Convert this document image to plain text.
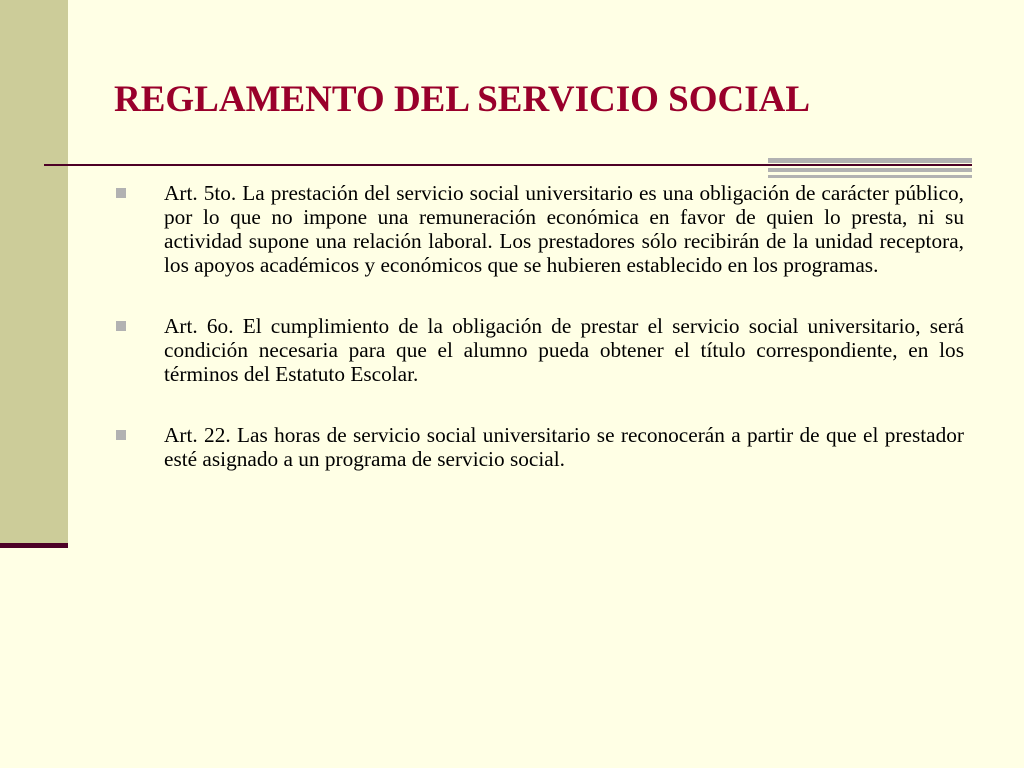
REGLAMENTO DEL SERVICIO SOCIAL
Art. 5to. La prestación del servicio social universitario es una obligación de carácter público, por lo que no impone una remuneración económica en favor de quien lo presta, ni su actividad supone una relación laboral. Los prestadores sólo recibirán de la unidad receptora, los apoyos académicos y económicos que se hubieren establecido en los programas.
Art. 6o. El cumplimiento de la obligación de prestar el servicio social universitario, será condición necesaria para que el alumno pueda obtener el título correspondiente, en los términos del Estatuto Escolar.
Art. 22. Las horas de servicio social universitario se reconocerán a partir de que el prestador esté asignado a un programa de servicio social.
